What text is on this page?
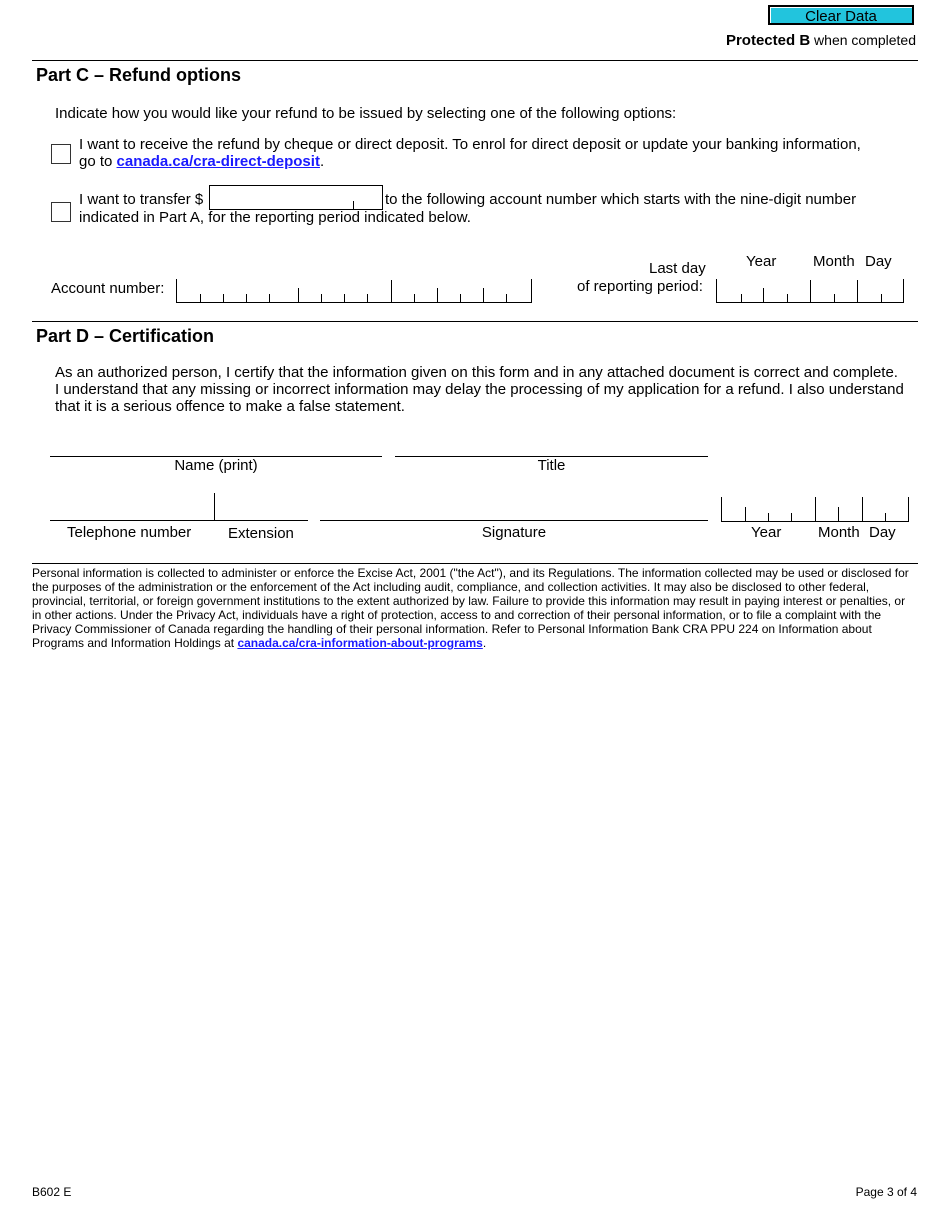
Clear Data
Protected B when completed
Part C – Refund options
Indicate how you would like your refund to be issued by selecting one of the following options:
I want to receive the refund by cheque or direct deposit. To enrol for direct deposit or update your banking information,
go to canada.ca/cra-direct-deposit.
I want to transfer $	to the following account number which starts with the nine-digit number
indicated in Part A, for the reporting period indicated below.
Account number:
Last day
of reporting period:
Year Month Day
Part D – Certification
As an authorized person, I certify that the information given on this form and in any attached document is correct and complete. I understand that any missing or incorrect information may delay the processing of my application for a refund. I also understand that it is a serious offence to make a false statement.
Name (print)	Title
Telephone number Extension	Signature	Year Month Day
Personal information is collected to administer or enforce the Excise Act, 2001 ("the Act"), and its Regulations. The information collected may be used or disclosed for the purposes of the administration or the enforcement of the Act including audit, compliance, and collection activities. It may also be disclosed to other federal, provincial, territorial, or foreign government institutions to the extent authorized by law. Failure to provide this information may result in paying interest or penalties, or in other actions. Under the Privacy Act, individuals have a right of protection, access to and correction of their personal information, or to file a complaint with the Privacy Commissioner of Canada regarding the handling of their personal information. Refer to Personal Information Bank CRA PPU 224 on Information about Programs and Information Holdings at canada.ca/cra-information-about-programs.
B602 E	Page 3 of 4
